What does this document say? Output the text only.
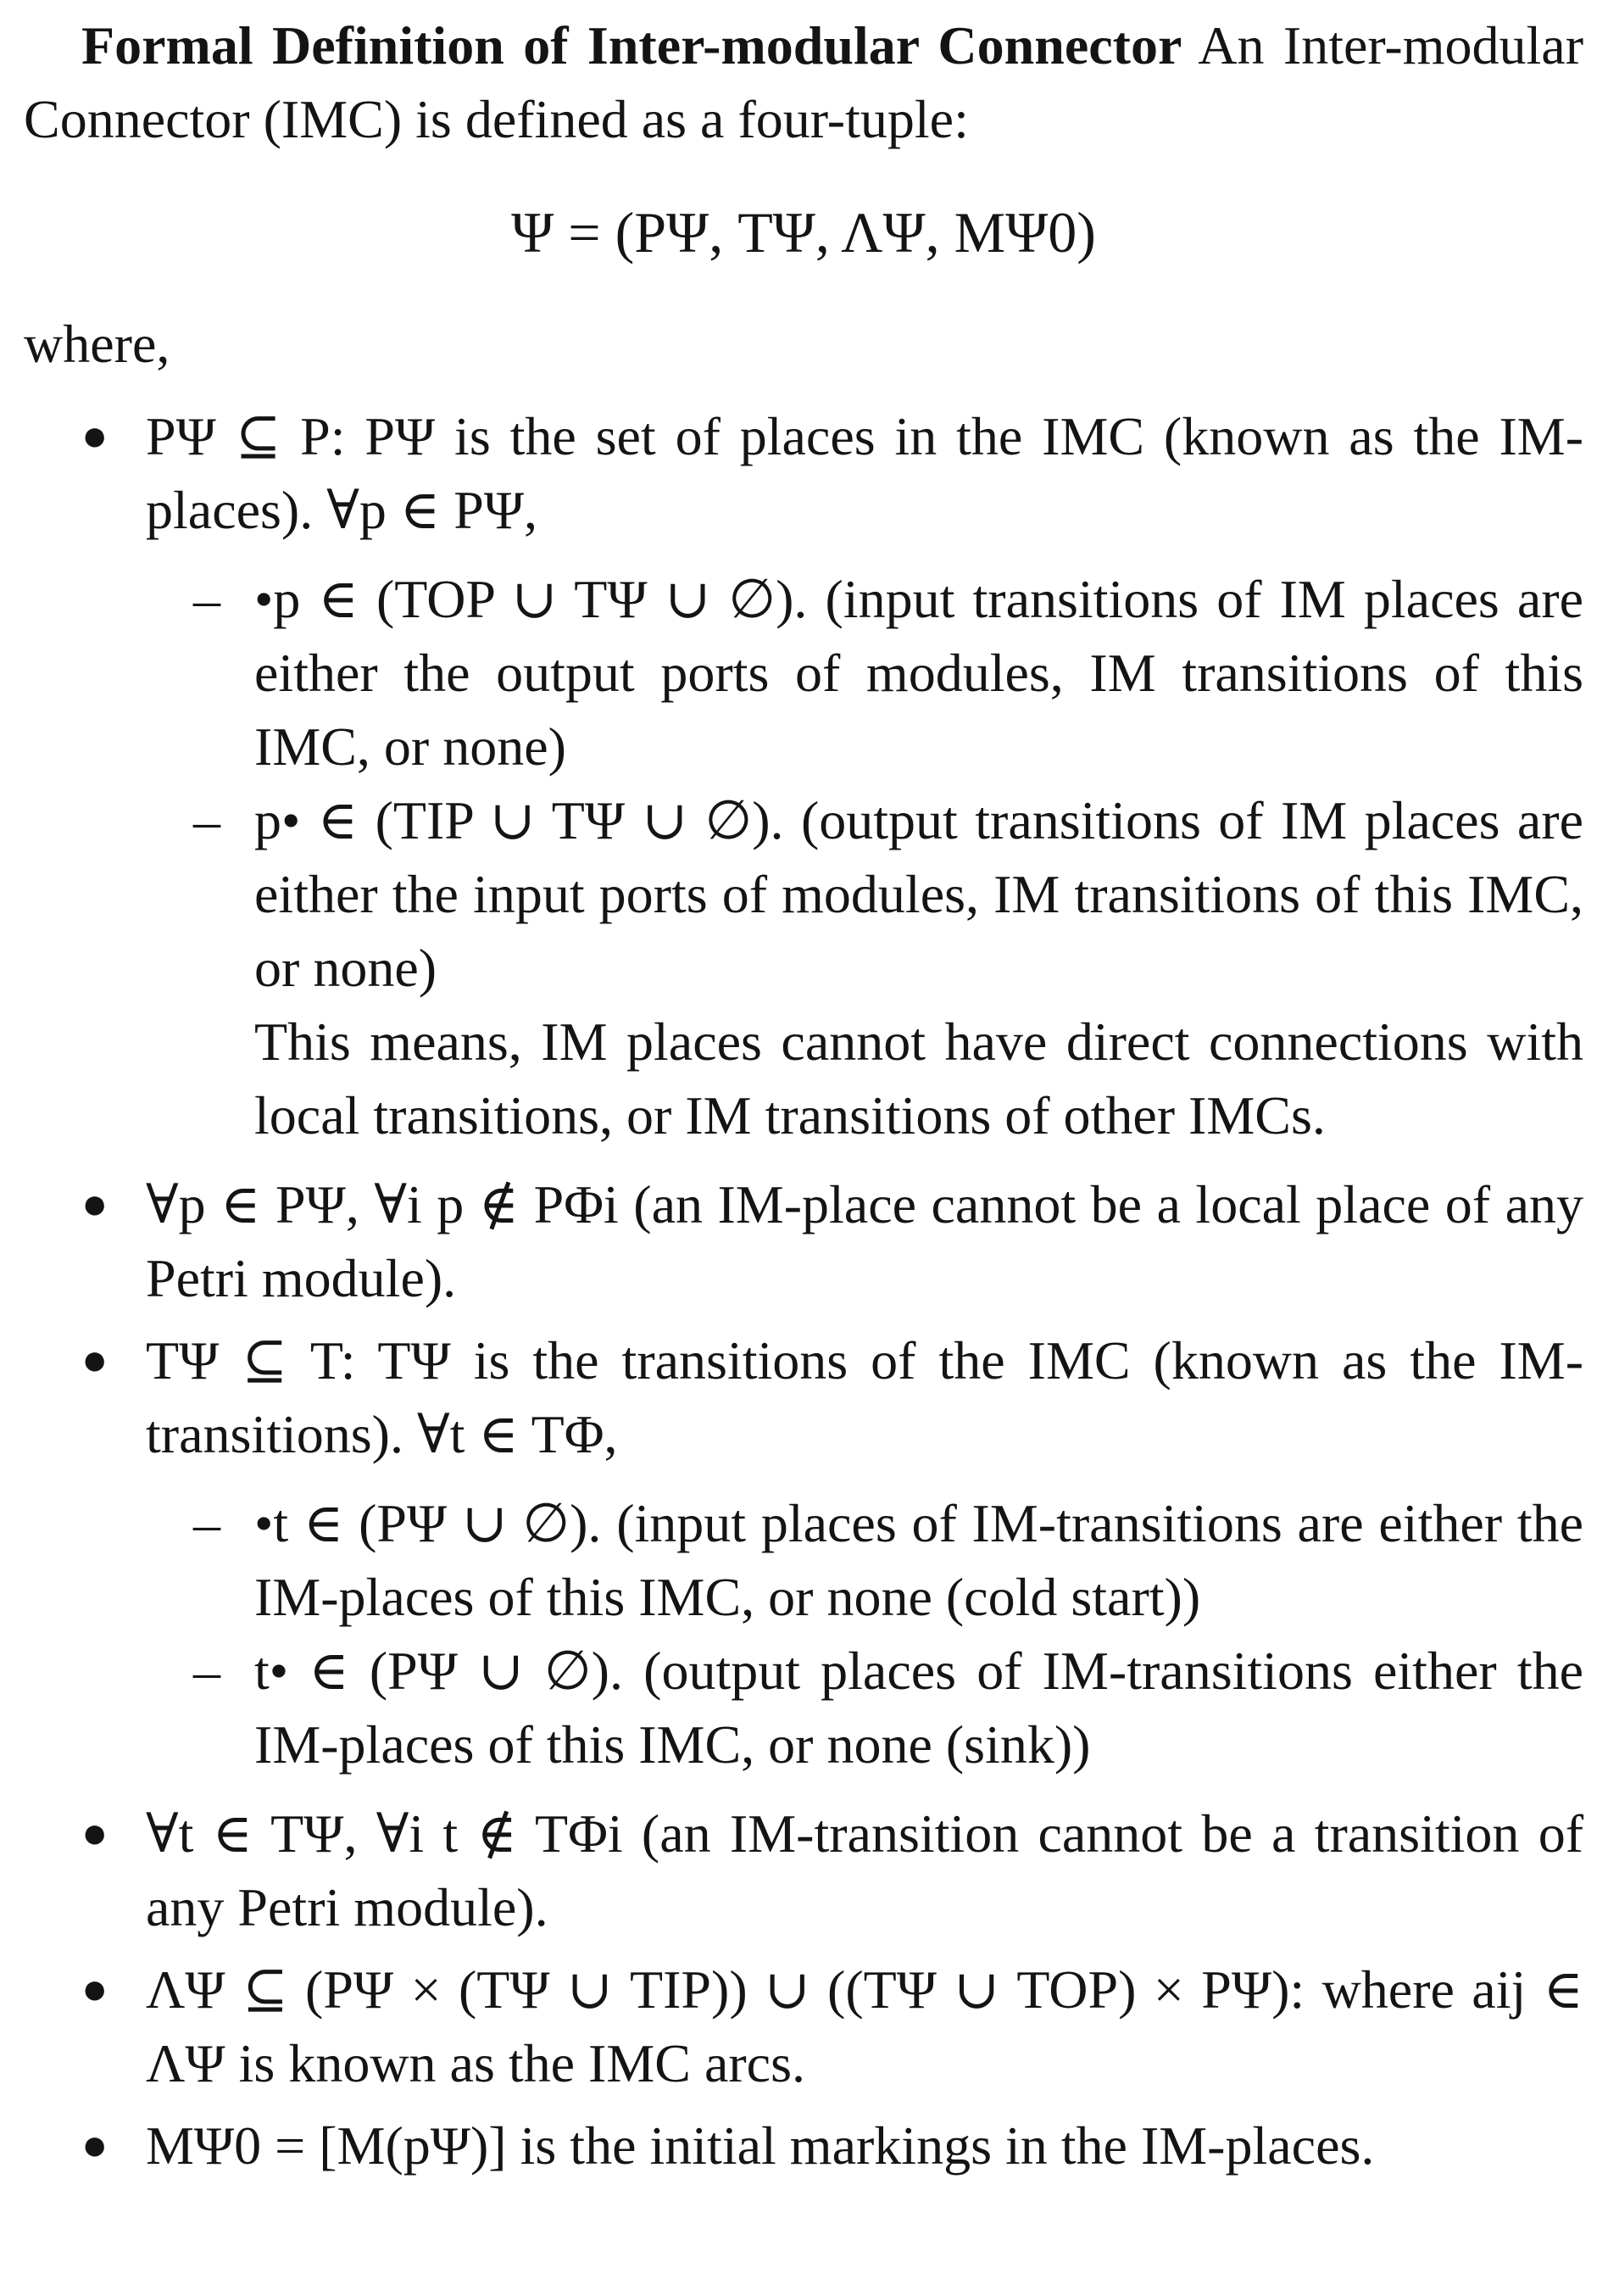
Formal Definition of Inter-modular Connector An Inter-modular Connector (IMC) is defined as a four-tuple:

Ψ = (PΨ, TΨ, ΛΨ, MΨ0)

where,

● PΨ ⊆ P: PΨ is the set of places in the IMC (known as the IM-places). ∀p ∈ PΨ,

– •p ∈ (TOP ∪ TΨ ∪ ∅). (input transitions of IM places are either the output ports of modules, IM transitions of this IMC, or none)

– p• ∈ (TIP ∪ TΨ ∪ ∅). (output transitions of IM places are either the input ports of modules, IM transitions of this IMC, or none)

This means, IM places cannot have direct connections with local transitions, or IM transitions of other IMCs.

● ∀p ∈ PΨ, ∀i p ∉ PΦi (an IM-place cannot be a local place of any Petri module).

● TΨ ⊆ T: TΨ is the transitions of the IMC (known as the IM-transitions). ∀t ∈ TΦ,

– •t ∈ (PΨ ∪ ∅). (input places of IM-transitions are either the IM-places of this IMC, or none (cold start))

– t• ∈ (PΨ ∪ ∅). (output places of IM-transitions either the IM-places of this IMC, or none (sink))

● ∀t ∈ TΨ, ∀i t ∉ TΦi (an IM-transition cannot be a transition of any Petri module).

● ΛΨ ⊆ (PΨ × (TΨ ∪ TIP)) ∪ ((TΨ ∪ TOP) × PΨ): where aij ∈ ΛΨ is known as the IMC arcs.

● MΨ0 = [M(pΨ)] is the initial markings in the IM-places.
